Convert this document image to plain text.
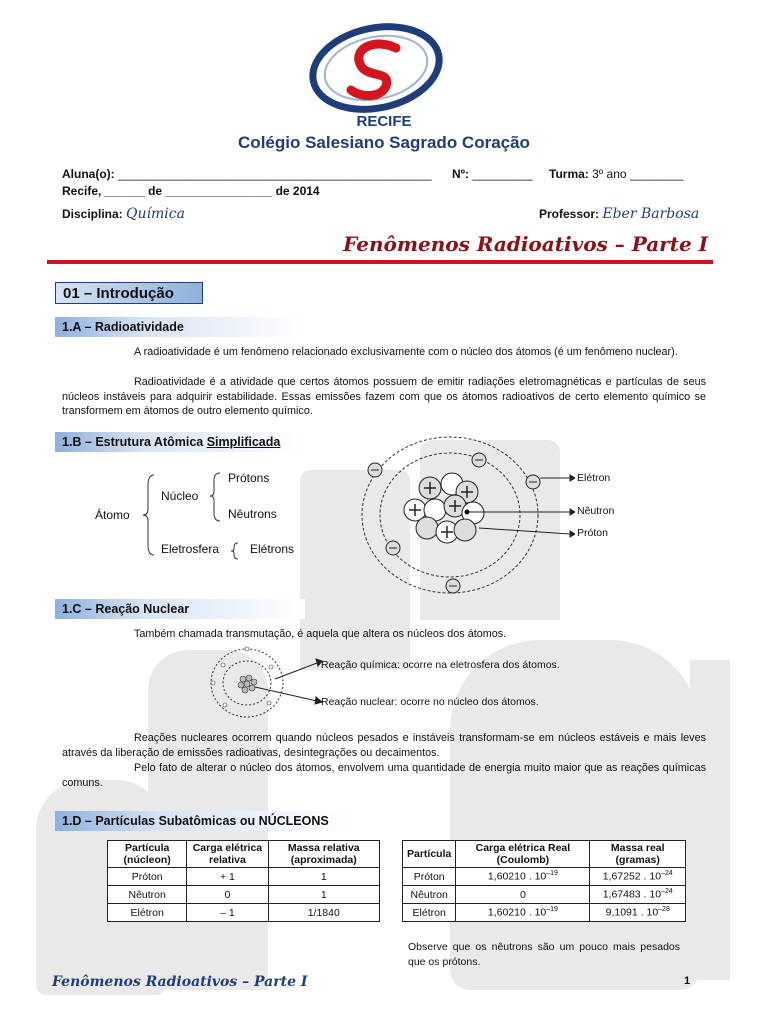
RECIFE
Colégio Salesiano Sagrado Coração
Aluna(o): _______________________________________________ Nº: _________ Turma: 3º ano ________
Recife, ______ de ________________ de 2014
Disciplina: Química	Professor: Eber Barbosa
Fenômenos Radioativos – Parte I
01 – Introdução
1.A – Radioatividade
A radioatividade é um fenômeno relacionado exclusivamente com o núcleo dos átomos (é um fenômeno nuclear).
Radioatividade é a atividade que certos átomos possuem de emitir radiações eletromagnéticas e partículas de seus núcleos instáveis para adquirir estabilidade. Essas emissões fazem com que os átomos radioativos de certo elemento químico se transformem em átomos de outro elemento químico.
1.B – Estrutura Atômica Simplificada
Átomo
Núcleo
Prótons
Nêutrons
Eletrosfera	Elétrons
Elétron
Nêutron
Próton
1.C – Reação Nuclear
Também chamada transmutação, é aquela que altera os núcleos dos átomos.
Reação química: ocorre na eletrosfera dos átomos.
Reação nuclear: ocorre no núcleo dos átomos.
Reações nucleares ocorrem quando núcleos pesados e instáveis transformam-se em núcleos estáveis e mais leves através da liberação de emissões radioativas, desintegrações ou decaimentos.
Pelo fato de alterar o núcleo dos átomos, envolvem uma quantidade de energia muito maior que as reações químicas comuns.
1.D – Partículas Subatômicas ou NÚCLEONS
Partícula (núcleon)	Carga elétrica relativa	Massa relativa (aproximada)
Próton	+ 1	1
Nêutron	0	1
Elétron	– 1	1/1840
Partícula	Carga elétrica Real (Coulomb)	Massa real (gramas)
Próton	1,60210 . $10^{-19}$	1,67252 . $10^{-24}$
Nêutron	0	1,67483 . $10^{-24}$
Elétron	1,60210 . $10^{-19}$	9,1091 . $10^{-28}$
Observe que os nêutrons são um pouco mais pesados que os prótons.
Fenômenos Radioativos – Parte I	1
